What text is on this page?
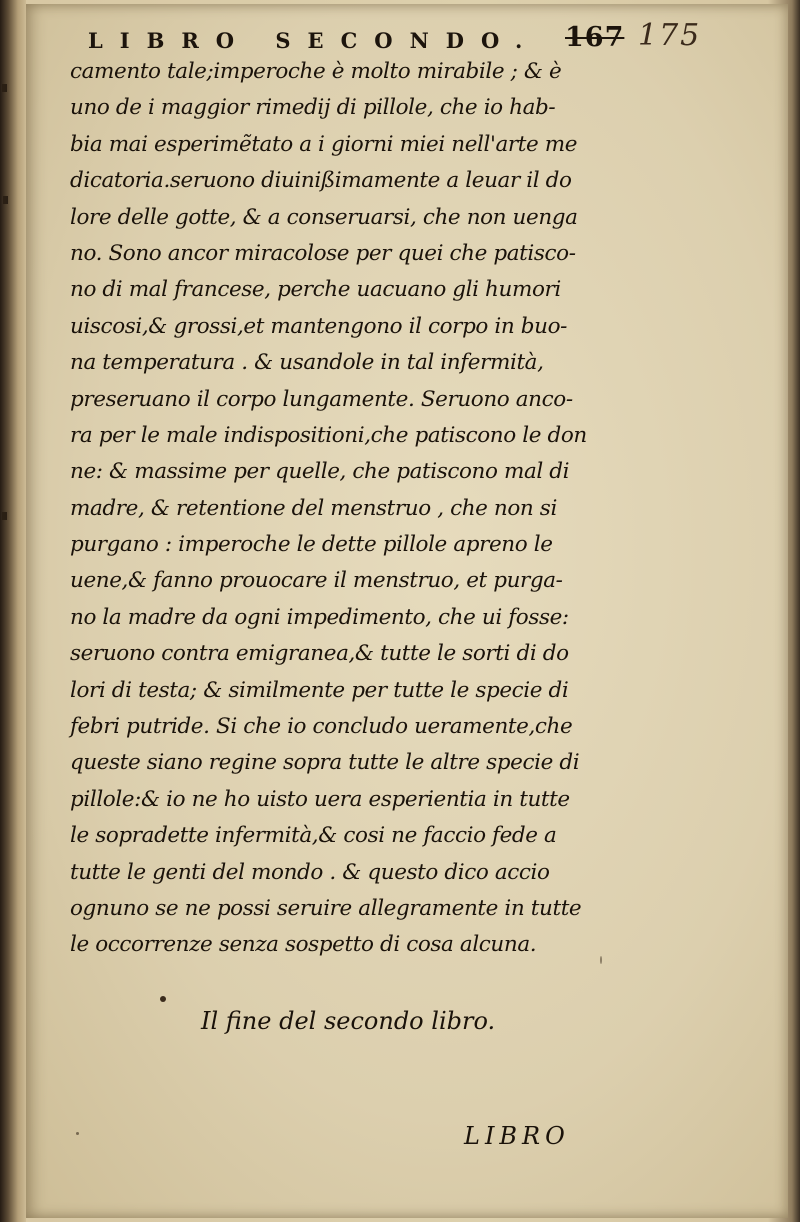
LIBRO SECONDO. 167 175
camento tale;imperoche è molto mirabile ; & è
uno de i maggior rimedij di pillole, che io hab-
bia mai esperimẽtato a i giorni miei nell'arte me
dicatoria.seruono diuinißimamente a leuar il do
lore delle gotte, & a conseruarsi, che non uenga
no. Sono ancor miracolose per quei che patisco-
no di mal francese, perche uacuano gli humori
uiscosi,& grossi,et mantengono il corpo in buo-
na temperatura . & usandole in tal infermità,
preseruano il corpo lungamente. Seruono anco-
ra per le male indispositioni,che patiscono le don
ne: & massime per quelle, che patiscono mal di
madre, & retentione del menstruo , che non si
purgano : imperoche le dette pillole apreno le
uene,& fanno prouocare il menstruo, et purga-
no la madre da ogni impedimento, che ui fosse:
seruono contra emigranea,& tutte le sorti di do
lori di testa; & similmente per tutte le specie di
febri putride. Si che io concludo ueramente,che
queste siano regine sopra tutte le altre specie di
pillole:& io ne ho uisto uera esperientia in tutte
le sopradette infermità,& cosi ne faccio fede a
tutte le genti del mondo . & questo dico accio
ognuno se ne possi seruire allegramente in tutte
le occorrenze senza sospetto di cosa alcuna.
Il fine del secondo libro.
LIBRO
